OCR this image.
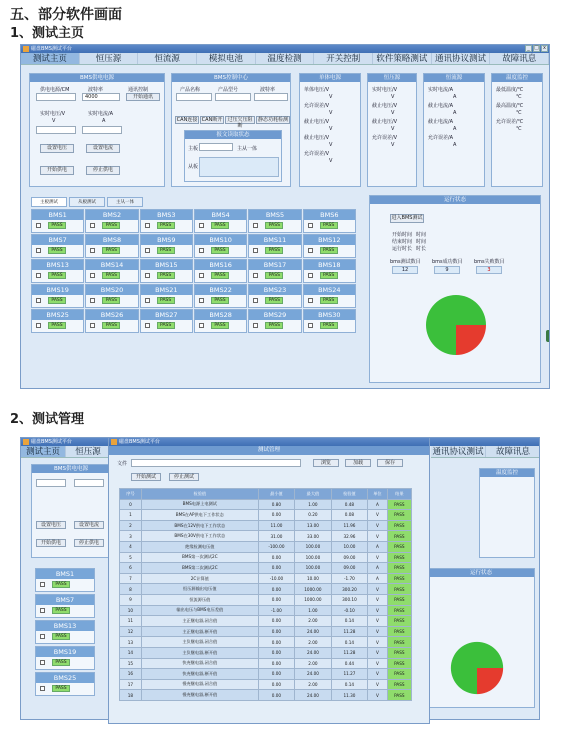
五、部分软件画面
1、测试主页
2、测试管理
磁盘BMS测试平台	_ □ x
测试主页	恒压源	恒流源	模拟电池	温度检测	开关控制	软件策略测试 通讯协议测试	故障讯息
BMS供电电源
供电电源/CM	波特率	通讯控制
4000	开始通讯
实时电压/V	实时电流/A
V	A
设置电压	设置电流
开始供电	停止供电
BMS控制中心
产品名称	产品型号	波特率
CAN连接 CAN断开	过压欠压阻断
静态功耗检测
报文读取状态
主板	主从一体
从板
单体电源
单体电压/V
V
允许误差/V
V
截止电压/V
V
截止电压/V
V
允许误差/V
V
恒压源
实时电压/V
V
截止电压/V
V
截止电压/V
V
允许误差/V
V
恒流源
实时电流/A
A
截止电流/A
A
截止电流/A
A
允许误差/A
A
温度监控
最低温度/℃
℃
最高温度/℃
℃
允许误差/℃
℃
主板测试	从板测试	主从一体
BMS1
PASS
BMS2
PASS
BMS3
PASS
BMS4
PASS
BMS5
PASS
BMS6
PASS
BMS7
PASS
BMS8
PASS
BMS9
PASS
BMS10
PASS
BMS11
PASS
BMS12
PASS
BMS13
PASS
BMS14
PASS
BMS15
PASS
BMS16
PASS
BMS17
PASS
BMS18
PASS
BMS19
PASS
BMS20
PASS
BMS21
PASS
BMS22
PASS
BMS23
PASS
BMS24
PASS
BMS25
PASS
BMS26
PASS
BMS27
PASS
BMS28
PASS
BMS29
PASS
BMS30
PASS
运行状态
进入BMS测试
开始时间 时间
结束时间 时间
运行时长 时长
bms测试数目 bms成功数目 bms失败数目
12	9	3
磁盘BMS测试平台
测试主页	恒压源	通讯协议测试	故障讯息
BMS供电电源
设置电压	设置电流
开始供电	停止供电
BMS1
PASS
BMS7
PASS
BMS13
PASS
BMS19
PASS
BMS25
PASS
温度监控
运行状态
磁盘BMS测试平台
测试管理
文件	浏览	加载	保存
开始测试	停止测试
序号	检验值	最小值	最大值	检验值	单位	结果
0	BMS电源上电测试	0.80	1.00	0.48	A	PASS
1	BMS在AP供电下工作状态	0.00	0.20	0.08	V	PASS
2	BMS在12V供电下工作状态	11.00	13.00	11.96	V	PASS
3	BMS在30V供电下工作状态	31.00	33.00	32.96	V	PASS
4	绝缘检测电压值	-100.00	100.00	10.00	A	PASS
5	BMS第一次测试2C	0.00	100.00	09.00	V	PASS
6	BMS第二次测试2C	0.00	100.00	09.00	A	PASS
7	2C计算值	-10.00	10.00	-1.70	A	PASS
8	恒压源输出电压值	0.00	1000.00	300.20	V	PASS
9	恒流源压值	0.00	1000.00	300.10	V	PASS
10	输出电压与BMS电压差值	-1.00	1.00	-0.10	V	PASS
11	主正继电器,闭合值	0.00	2.00	0.14	V	PASS
12	主正继电器,断开值	0.00	24.00	11.28	V	PASS
13	主负继电器,闭合值	0.00	2.00	0.14	V	PASS
14	主负继电器,断开值	0.00	24.00	11.28	V	PASS
15	快充继电器,闭合值	0.00	2.00	0.44	V	PASS
16	快充继电器,断开值	0.00	24.00	11.27	V	PASS
17	慢充继电器,闭合值	0.00	2.00	0.14	V	PASS
18	慢充继电器,断开值	0.00	24.00	11.30	V	PASS
